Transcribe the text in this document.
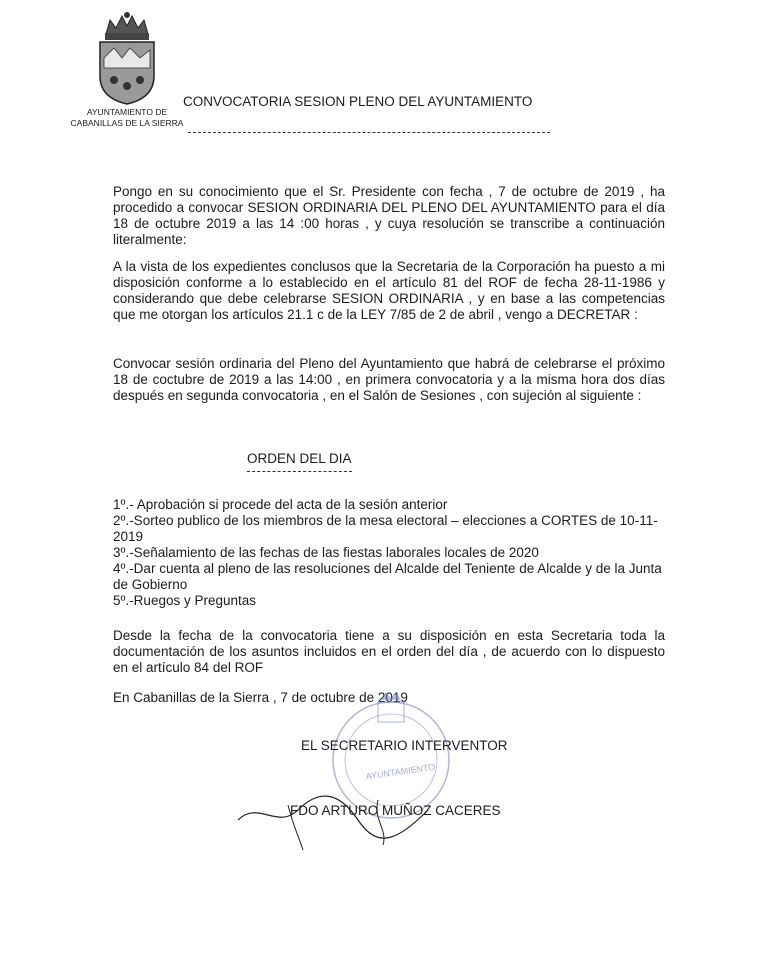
AYUNTAMIENTO DE
CABANILLAS DE LA SIERRA
CONVOCATORIA SESION PLENO DEL AYUNTAMIENTO
Pongo en su conocimiento que el Sr. Presidente con fecha , 7 de octubre de 2019 , ha procedido a convocar SESION ORDINARIA DEL PLENO DEL AYUNTAMIENTO para el día 18 de octubre 2019 a las 14 :00 horas , y cuya resolución se transcribe a continuación literalmente:
A la vista de los expedientes conclusos que la Secretaria de la Corporación ha puesto a mi disposición conforme a lo establecido en el artículo 81 del ROF de fecha 28-11-1986 y considerando que debe celebrarse SESION ORDINARIA , y en base a las competencias que me otorgan los artículos 21.1 c de la LEY 7/85 de 2 de abril , vengo a DECRETAR :
Convocar sesión ordinaria del Pleno del Ayuntamiento que habrá de celebrarse el próximo 18 de coctubre de 2019 a las 14:00 , en primera convocatoria y a la misma hora dos días después en segunda convocatoria , en el Salón de Sesiones , con sujeción al siguiente :
ORDEN DEL DIA
1º.- Aprobación si procede del acta de la sesión anterior
2º.-Sorteo publico de los miembros de la mesa electoral – elecciones a CORTES de 10-11-2019
3º.-Señalamiento de las fechas de las fiestas laborales locales de 2020
4º.-Dar cuenta al pleno de las resoluciones del Alcalde del Teniente de Alcalde y de la Junta de Gobierno
5º.-Ruegos y Preguntas
Desde la fecha de la convocatoria tiene a su disposición en esta Secretaria toda la documentación de los asuntos incluidos en el orden del día , de acuerdo con lo dispuesto en el artículo 84 del ROF
En Cabanillas de la Sierra , 7 de octubre de 2019
AYUNTAMIENTO
EL SECRETARIO INTERVENTOR
FDO ARTURO MUÑOZ CACERES
